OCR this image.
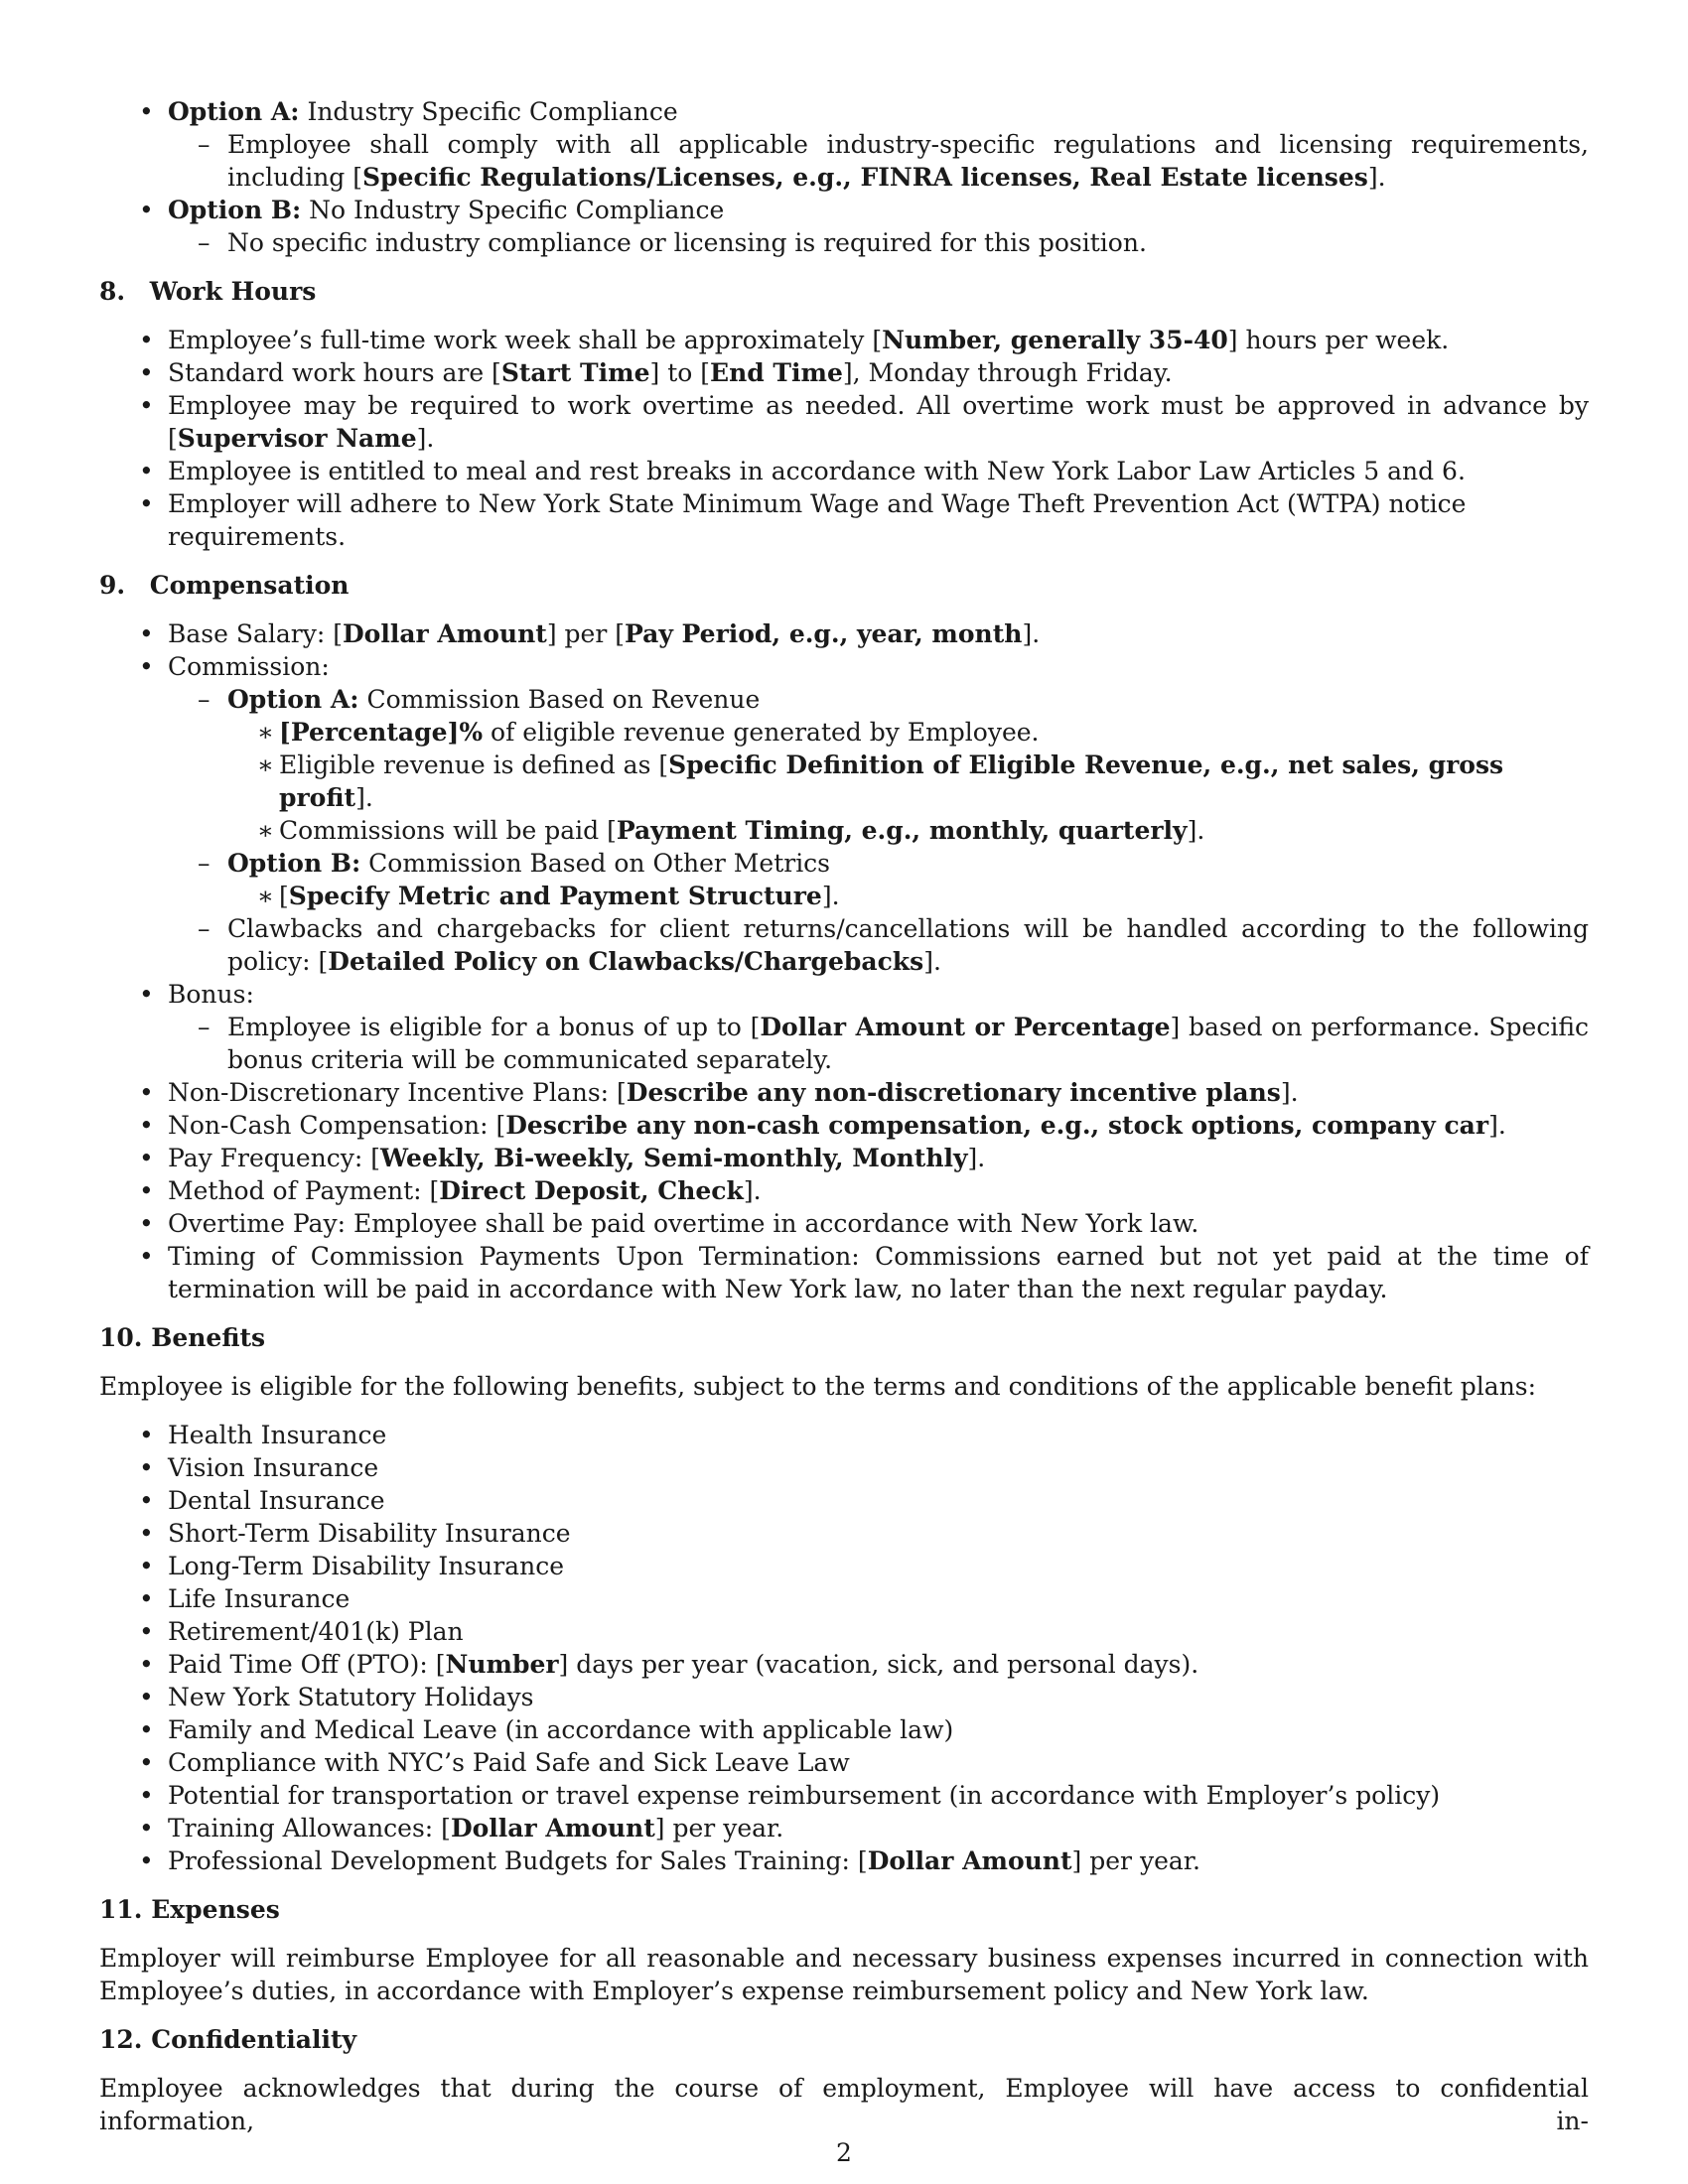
• Option A: Industry Specific Compliance
– Employee shall comply with all applicable industry-specific regulations and licensing requirements, including [Specific Regulations/Licenses, e.g., FINRA licenses, Real Estate licenses].
• Option B: No Industry Specific Compliance
– No specific industry compliance or licensing is required for this position.
8. Work Hours
• Employee’s full-time work week shall be approximately [Number, generally 35-40] hours per week.
• Standard work hours are [Start Time] to [End Time], Monday through Friday.
• Employee may be required to work overtime as needed. All overtime work must be approved in advance by [Supervisor Name].
• Employee is entitled to meal and rest breaks in accordance with New York Labor Law Articles 5 and 6.
• Employer will adhere to New York State Minimum Wage and Wage Theft Prevention Act (WTPA) notice requirements.
9. Compensation
• Base Salary: [Dollar Amount] per [Pay Period, e.g., year, month].
• Commission:
– Option A: Commission Based on Revenue
∗ [Percentage]% of eligible revenue generated by Employee.
∗ Eligible revenue is defined as [Specific Definition of Eligible Revenue, e.g., net sales, gross profit].
∗ Commissions will be paid [Payment Timing, e.g., monthly, quarterly].
– Option B: Commission Based on Other Metrics
∗ [Specify Metric and Payment Structure].
– Clawbacks and chargebacks for client returns/cancellations will be handled according to the following policy: [Detailed Policy on Clawbacks/Chargebacks].
• Bonus:
– Employee is eligible for a bonus of up to [Dollar Amount or Percentage] based on performance. Specific bonus criteria will be communicated separately.
• Non-Discretionary Incentive Plans: [Describe any non-discretionary incentive plans].
• Non-Cash Compensation: [Describe any non-cash compensation, e.g., stock options, company car].
• Pay Frequency: [Weekly, Bi-weekly, Semi-monthly, Monthly].
• Method of Payment: [Direct Deposit, Check].
• Overtime Pay: Employee shall be paid overtime in accordance with New York law.
• Timing of Commission Payments Upon Termination: Commissions earned but not yet paid at the time of termination will be paid in accordance with New York law, no later than the next regular payday.
10. Benefits

Employee is eligible for the following benefits, subject to the terms and conditions of the applicable benefit plans:

• Health Insurance
• Vision Insurance
• Dental Insurance
• Short-Term Disability Insurance
• Long-Term Disability Insurance
• Life Insurance
• Retirement/401(k) Plan
• Paid Time Off (PTO): [Number] days per year (vacation, sick, and personal days).
• New York Statutory Holidays
• Family and Medical Leave (in accordance with applicable law)
• Compliance with NYC’s Paid Safe and Sick Leave Law
• Potential for transportation or travel expense reimbursement (in accordance with Employer’s policy)
• Training Allowances: [Dollar Amount] per year.
• Professional Development Budgets for Sales Training: [Dollar Amount] per year.
11. Expenses

Employer will reimburse Employee for all reasonable and necessary business expenses incurred in connection with Employee’s duties, in accordance with Employer’s expense reimbursement policy and New York law.

12. Confidentiality

Employee acknowledges that during the course of employment, Employee will have access to confidential information, in-

2
